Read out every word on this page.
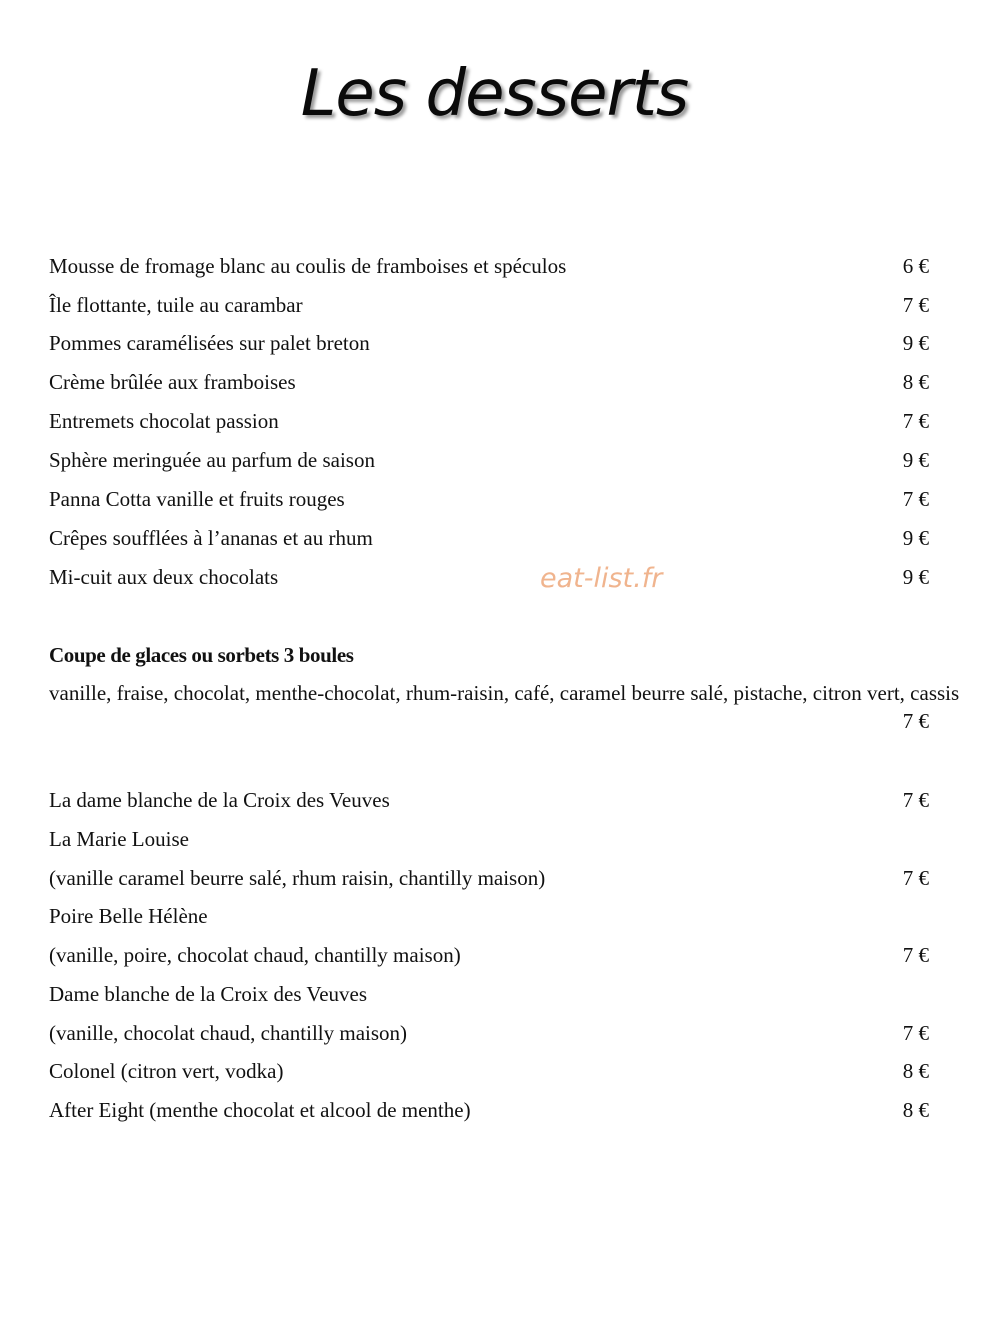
Les desserts
Mousse de fromage blanc au coulis de framboises et spéculos	6 €
Île flottante, tuile au carambar	7 €
Pommes caramélisées sur palet breton	9 €
Crème brûlée aux framboises	8 €
Entremets chocolat passion	7 €
Sphère meringuée au parfum de saison	9 €
Panna Cotta vanille et fruits rouges	7 €
Crêpes soufflées à l’ananas et au rhum	9 €
Mi-cuit aux deux chocolats	9 €
eat-list.fr
Coupe de glaces ou sorbets 3 boules
vanille, fraise, chocolat, menthe-chocolat, rhum-raisin, café, caramel beurre salé, pistache, citron vert, cassis
7 €
La dame blanche de la Croix des Veuves	7 €
La Marie Louise
(vanille caramel beurre salé, rhum raisin, chantilly maison)	7 €
Poire Belle Hélène
(vanille, poire, chocolat chaud, chantilly maison)	7 €
Dame blanche de la Croix des Veuves
(vanille, chocolat chaud, chantilly maison)	7 €
Colonel (citron vert, vodka)	8 €
After Eight (menthe chocolat et alcool de menthe)	8 €
